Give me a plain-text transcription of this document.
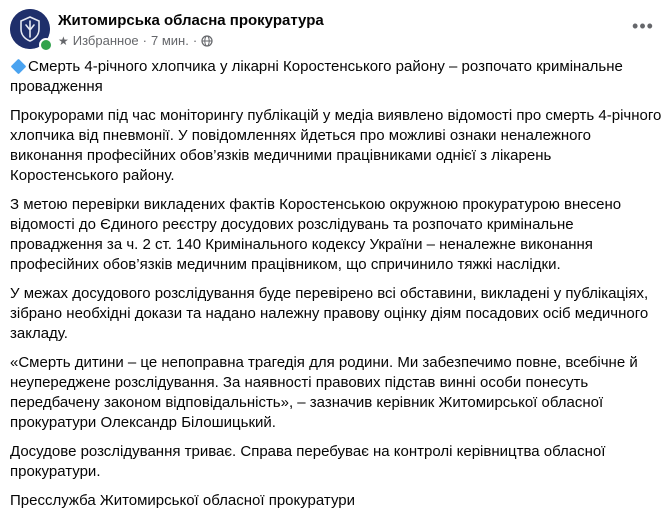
Житомирська обласна прокуратура
★ Избранное · 7 мин. ·
•••

Смерть 4-річного хлопчика у лікарні Коростенського району – розпочато кримінальне провадження

Прокурорами під час моніторингу публікацій у медіа виявлено відомості про смерть 4-річного хлопчика від пневмонії. У повідомленнях йдеться про можливі ознаки неналежного виконання професійних обов’язків медичними працівниками однієї з лікарень Коростенського району.

З метою перевірки викладених фактів Коростенською окружною прокуратурою внесено відомості до Єдиного реєстру досудових розслідувань та розпочато кримінальне провадження за ч. 2 ст. 140 Кримінального кодексу України – неналежне виконання професійних обов’язків медичним працівником, що спричинило тяжкі наслідки.

У межах досудового розслідування буде перевірено всі обставини, викладені у публікаціях, зібрано необхідні докази та надано належну правову оцінку діям посадових осіб медичного закладу.

«Смерть дитини – це непоправна трагедія для родини. Ми забезпечимо повне, всебічне й неупереджене розслідування. За наявності правових підстав винні особи понесуть передбачену законом відповідальність», – зазначив керівник Житомирської обласної прокуратури Олександр Білошицький.

Досудове розслідування триває. Справа перебуває на контролі керівництва обласної прокуратури.

Пресслужба Житомирської обласної прокуратури
